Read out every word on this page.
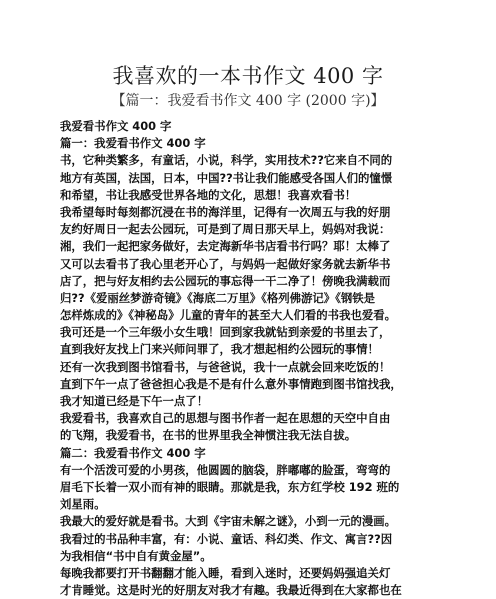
我喜欢的一本书作文 400 字
【篇一：我爱看书作文 400 字 (2000 字)】
我爱看书作文 400 字
篇一：我爱看书作文 400 字
书，它种类繁多，有童话，小说，科学，实用技术??它来自不同的
地方有英国，法国，日本，中国??书让我们能感受各国人们的憧憬
和希望，书让我感受世界各地的文化，思想！我喜欢看书！
我希望每时每刻都沉浸在书的海洋里，记得有一次周五与我的好朋
友约好周日一起去公园玩，可是到了周日那天早上，妈妈对我说：
湘，我们一起把家务做好，去定海新华书店看书行吗？耶！太棒了
又可以去看书了我心里老开心了，与妈妈一起做好家务就去新华书
店了，把与好友相约去公园玩的事忘得一干二净了！傍晚我满载而
归??《爱丽丝梦游奇镜》《海底二万里》《格列佛游记》《钢铁是
怎样炼成的》《神秘岛》儿童的青年的甚至大人们看的书我也爱看。
我可还是一个三年级小女生哦！回到家我就钻到亲爱的书里去了，
直到我好友找上门来兴师问罪了，我才想起相约公园玩的事情！
还有一次我到图书馆看书，与爸爸说，我十一点就会回来吃饭的！
直到下午一点了爸爸担心我是不是有什么意外事情跑到图书馆找我，
我才知道已经是下午一点了！
我爱看书，我喜欢自己的思想与图书作者一起在思想的天空中自由
的飞翔，我爱看书，在书的世界里我全神惯注我无法自拔。
篇二：我爱看书作文 400 字
有一个活泼可爱的小男孩，他圆圆的脑袋，胖嘟嘟的脸蛋，弯弯的
眉毛下长着一双小而有神的眼睛。那就是我，东方红学校 192 班的
刘星雨。
我最大的爱好就是看书。大到《宇宙未解之谜》，小到一元的漫画。
我看过的书品种丰富，有：小说、童话、科幻类、作文、寓言??因
为我相信“书中自有黄金屋”。
每晚我都要打开书翻翻才能入睡，看到入迷时，还要妈妈强追关灯
才肯睡觉。这是时光的好朋友对我才有趣。我最近得到在大家都也在
